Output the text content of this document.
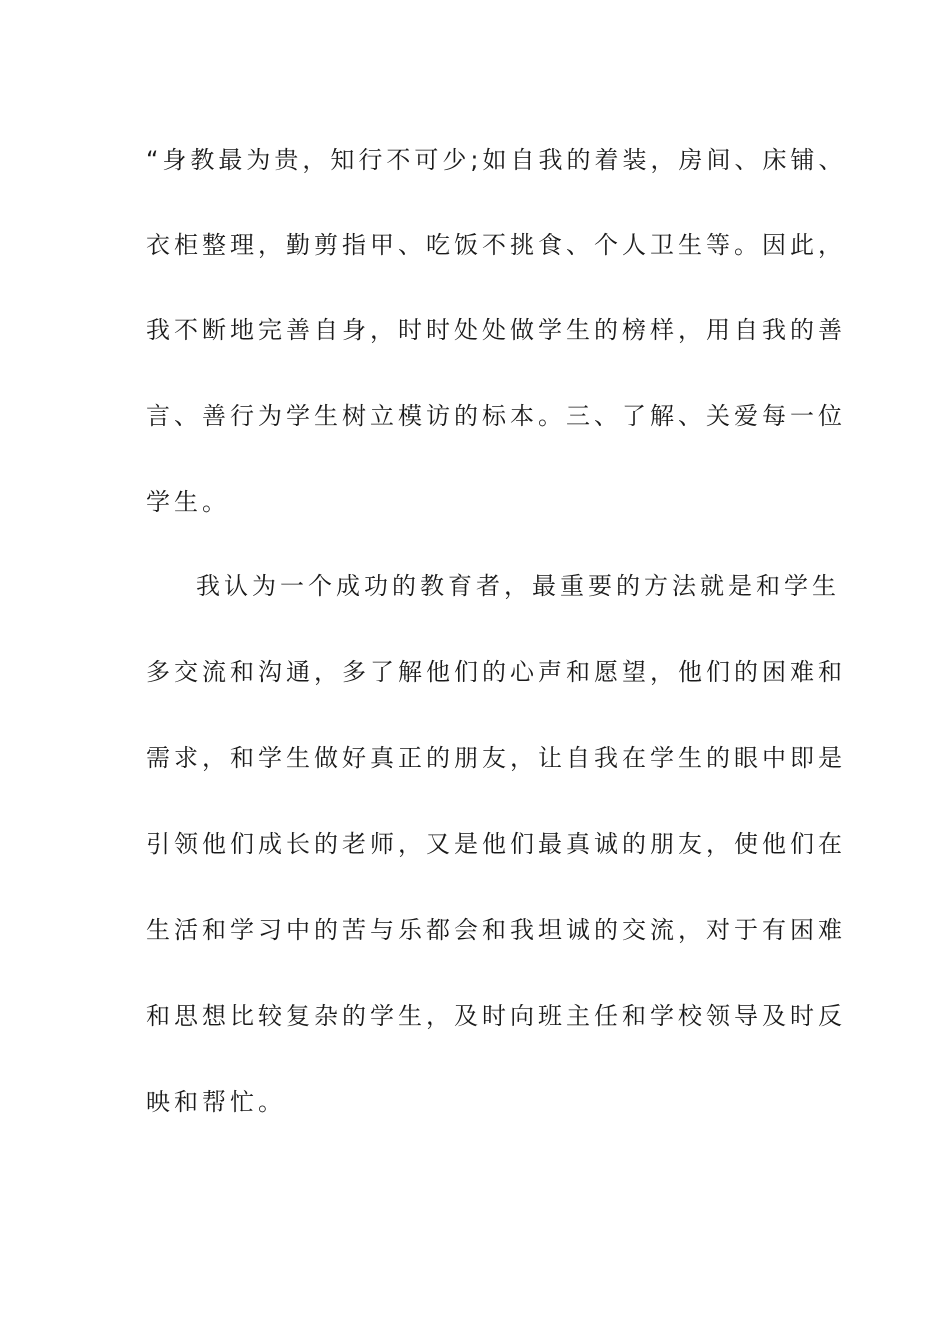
“身教最为贵，知行不可少;如自我的着装，房间、床铺、
衣柜整理，勤剪指甲、吃饭不挑食、个人卫生等。因此，
我不断地完善自身，时时处处做学生的榜样，用自我的善
言、善行为学生树立模访的标本。三、了解、关爱每一位
学生。
我认为一个成功的教育者，最重要的方法就是和学生
多交流和沟通，多了解他们的心声和愿望，他们的困难和
需求，和学生做好真正的朋友，让自我在学生的眼中即是
引领他们成长的老师，又是他们最真诚的朋友，使他们在
生活和学习中的苦与乐都会和我坦诚的交流，对于有困难
和思想比较复杂的学生，及时向班主任和学校领导及时反
映和帮忙。
